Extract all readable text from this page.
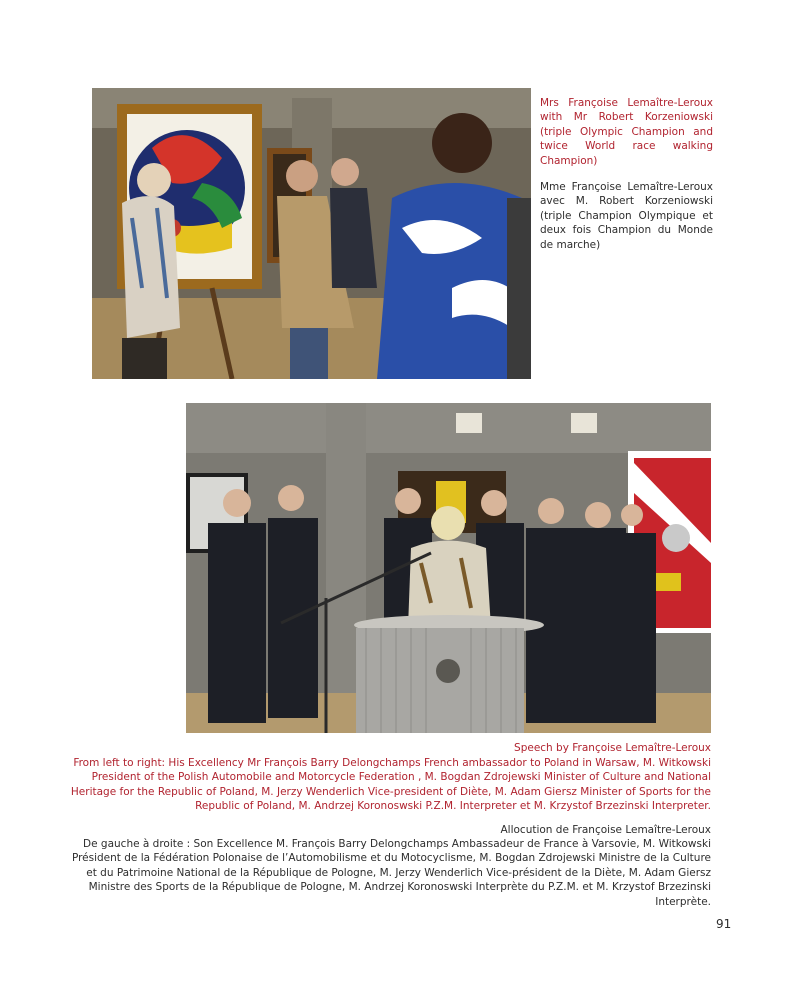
Mrs Françoise Lemaître-Leroux with Mr Robert Korzeniowski (triple Olympic Champion and twice World race walking Champion)

Mme Françoise Lemaître-Leroux avec M. Robert Korzeniowski (triple Champion Olympique et deux fois Champion du Monde de marche)

Speech by Françoise Lemaître-Leroux

From left to right: His Excellency Mr François Barry Delongchamps French ambassador to Poland in Warsaw, M. Witkowski President of the Polish Automobile and Motorcycle Federation , M. Bogdan Zdrojewski Minister of Culture and National Heritage for the Republic of Poland, M. Jerzy Wenderlich Vice-president of Diète, M. Adam Giersz Minister of Sports for the Republic of Poland, M. Andrzej Koronoswski P.Z.M. Interpreter et M. Krzystof Brzezinski Interpreter.

Allocution de Françoise Lemaître-Leroux

De gauche à droite : Son Excellence M. François Barry Delongchamps Ambassadeur de France à Varsovie, M. Witkowski Président de la Fédération Polonaise de l’Automobilisme et du Motocyclisme, M. Bogdan Zdrojewski Ministre de la Culture et du Patrimoine National de la République de Pologne, M. Jerzy Wenderlich Vice-président de la Diète, M. Adam Giersz Ministre des Sports de la République de Pologne, M. Andrzej Koronoswski Interprète du P.Z.M. et M. Krzystof Brzezinski Interprète.

91
